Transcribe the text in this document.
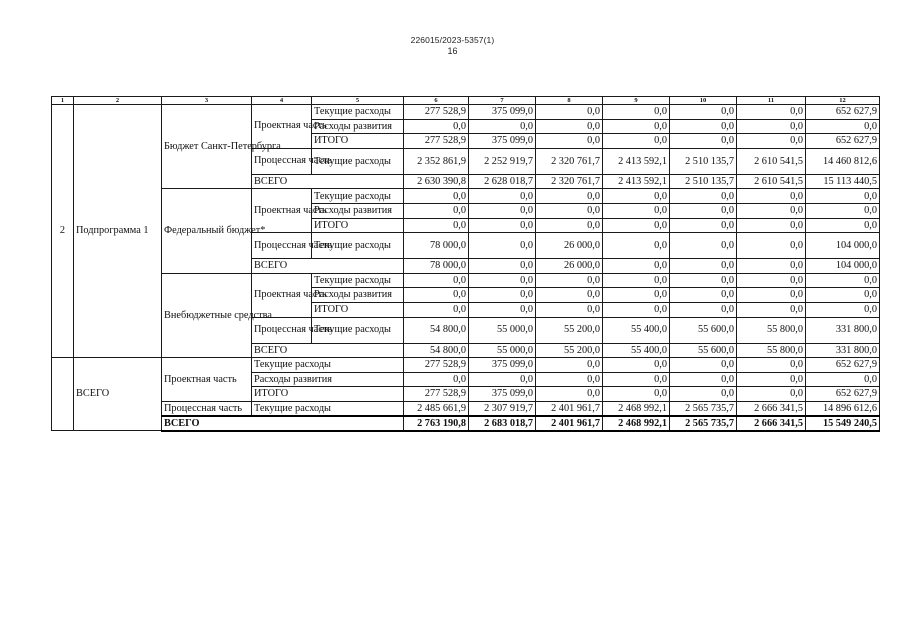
226015/2023-5357(1)
16
1	2	3	4	5	6	7	8	9	10	11	12
2	Подпрограмма 1	Бюджет Санкт-Петербурга	Проектная часть	Текущие расходы	277 528,9	375 099,0	0,0	0,0	0,0	0,0	652 627,9
				Расходы развития	0,0	0,0	0,0	0,0	0,0	0,0	0,0
				ИТОГО	277 528,9	375 099,0	0,0	0,0	0,0	0,0	652 627,9
			Процессная часть	Текущие расходы	2 352 861,9	2 252 919,7	2 320 761,7	2 413 592,1	2 510 135,7	2 610 541,5	14 460 812,6
			ВСЕГО		2 630 390,8	2 628 018,7	2 320 761,7	2 413 592,1	2 510 135,7	2 610 541,5	15 113 440,5
		Федеральный бюджет*	Проектная часть	Текущие расходы	0,0	0,0	0,0	0,0	0,0	0,0	0,0
				Расходы развития	0,0	0,0	0,0	0,0	0,0	0,0	0,0
				ИТОГО	0,0	0,0	0,0	0,0	0,0	0,0	0,0
			Процессная часть	Текущие расходы	78 000,0	0,0	26 000,0	0,0	0,0	0,0	104 000,0
			ВСЕГО		78 000,0	0,0	26 000,0	0,0	0,0	0,0	104 000,0
		Внебюджетные средства	Проектная часть	Текущие расходы	0,0	0,0	0,0	0,0	0,0	0,0	0,0
				Расходы развития	0,0	0,0	0,0	0,0	0,0	0,0	0,0
				ИТОГО	0,0	0,0	0,0	0,0	0,0	0,0	0,0
			Процессная часть	Текущие расходы	54 800,0	55 000,0	55 200,0	55 400,0	55 600,0	55 800,0	331 800,0
			ВСЕГО		54 800,0	55 000,0	55 200,0	55 400,0	55 600,0	55 800,0	331 800,0
	ВСЕГО	Проектная часть	Текущие расходы		277 528,9	375 099,0	0,0	0,0	0,0	0,0	652 627,9
			Расходы развития		0,0	0,0	0,0	0,0	0,0	0,0	0,0
			ИТОГО		277 528,9	375 099,0	0,0	0,0	0,0	0,0	652 627,9
		Процессная часть	Текущие расходы		2 485 661,9	2 307 919,7	2 401 961,7	2 468 992,1	2 565 735,7	2 666 341,5	14 896 612,6
		ВСЕГО			2 763 190,8	2 683 018,7	2 401 961,7	2 468 992,1	2 565 735,7	2 666 341,5	15 549 240,5
